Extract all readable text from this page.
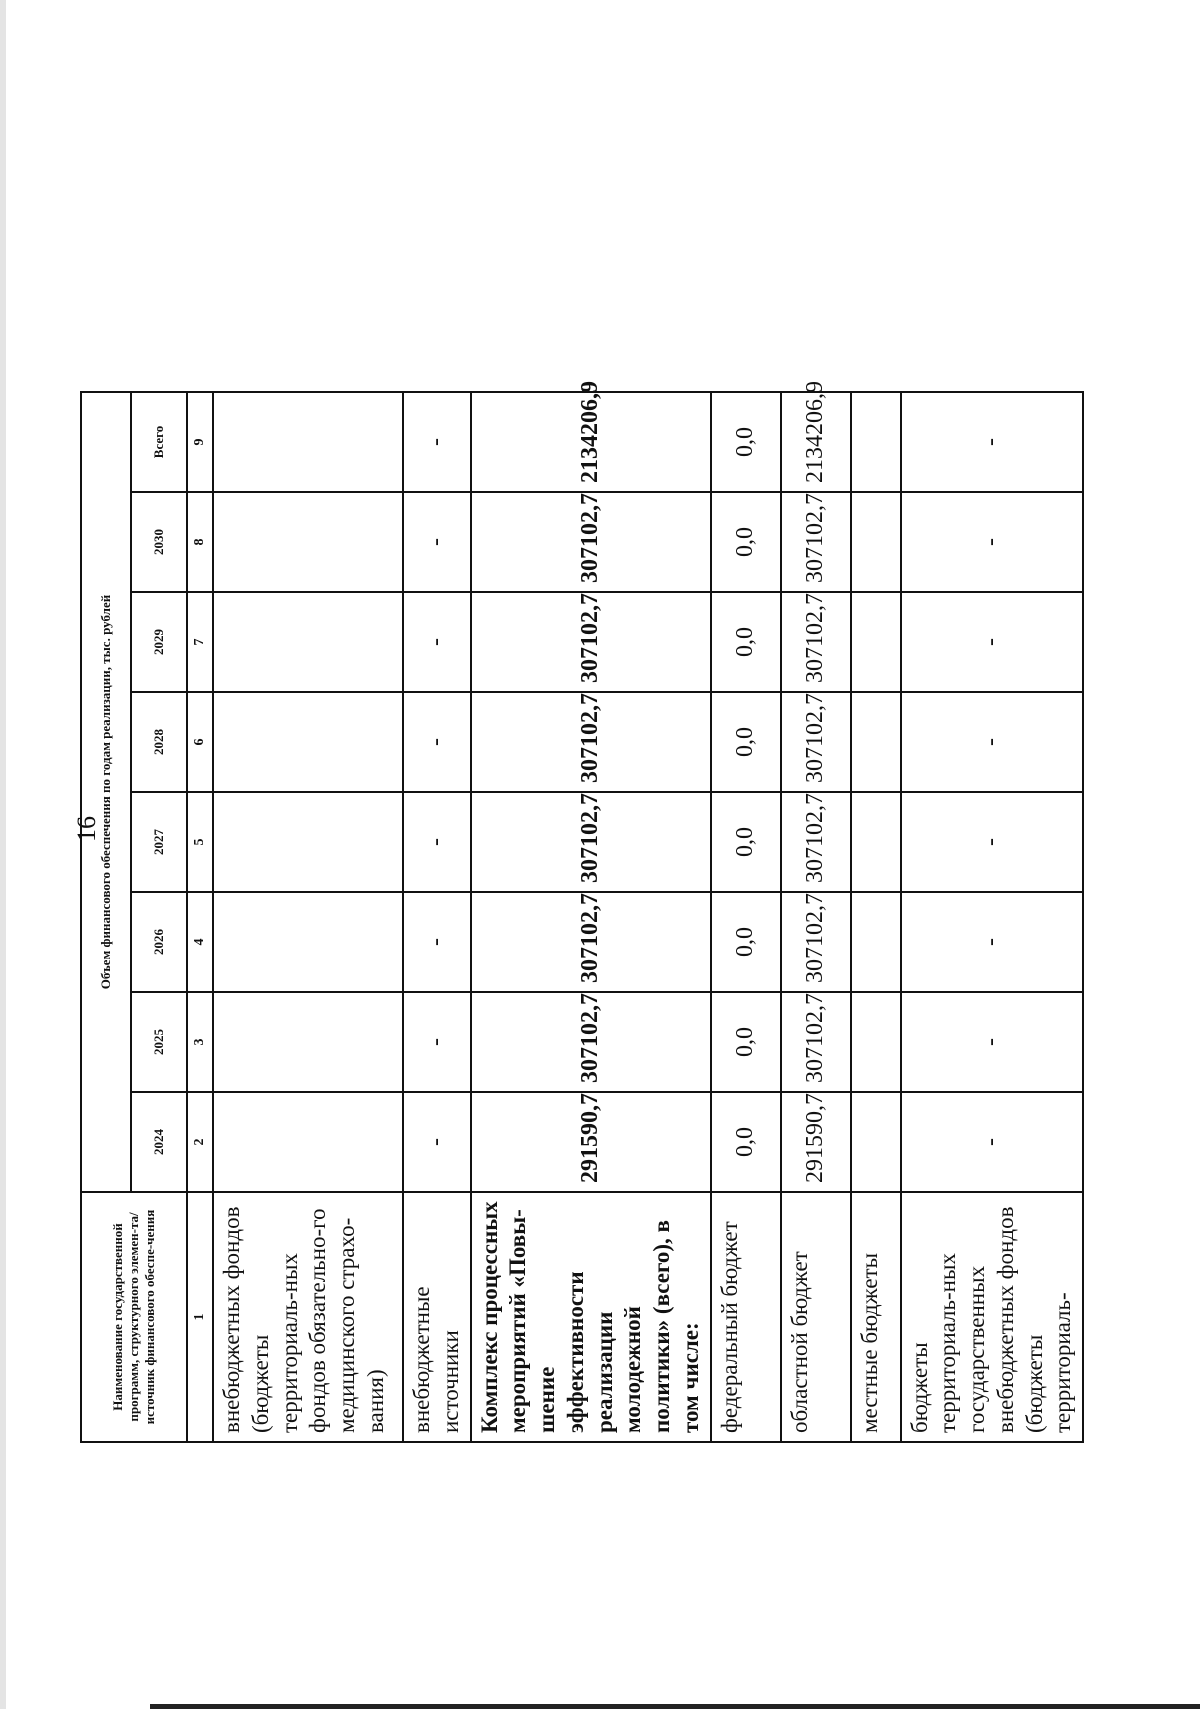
16
Наименование государственной программ, структурного элемен-та/источник финансового обеспе-чения	Объем финансового обеспечения по годам реализации, тыс. рублей							
	2024	2025	2026	2027	2028	2029	2030	Всего
1	2	3	4	5	6	7	8	9
внебюджетных фондов (бюджеты территориаль-ных фондов обязательно-го медицинского страхо-вания)								
внебюджетные источники	-	-	-	-	-	-	-	-
Комплекс процессных мероприятий «Повы-шение эффективности реализации молодежной политики» (всего), в том числе:	291590,7	307102,7	307102,7	307102,7	307102,7	307102,7	307102,7	2134206,9
федеральный бюджет	0,0	0,0	0,0	0,0	0,0	0,0	0,0	0,0
областной бюджет	291590,7	307102,7	307102,7	307102,7	307102,7	307102,7	307102,7	2134206,9
местные бюджеты								
бюджеты территориаль-ных государственных внебюджетных фондов (бюджеты территориаль-	-	-	-	-	-	-	-	-
